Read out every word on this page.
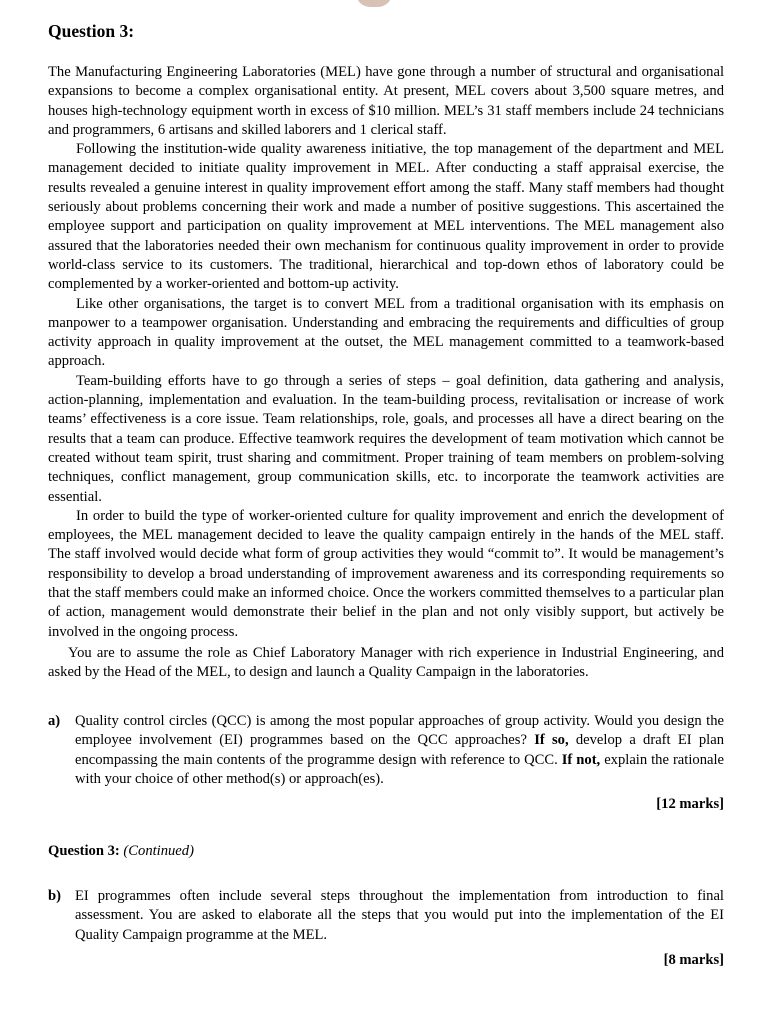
Question 3:

The Manufacturing Engineering Laboratories (MEL) have gone through a number of structural and organisational expansions to become a complex organisational entity. At present, MEL covers about 3,500 square metres, and houses high-technology equipment worth in excess of $10 million. MEL’s 31 staff members include 24 technicians and programmers, 6 artisans and skilled laborers and 1 clerical staff.

Following the institution-wide quality awareness initiative, the top management of the department and MEL management decided to initiate quality improvement in MEL. After conducting a staff appraisal exercise, the results revealed a genuine interest in quality improvement effort among the staff. Many staff members had thought seriously about problems concerning their work and made a number of positive suggestions. This ascertained the employee support and participation on quality improvement at MEL interventions. The MEL management also assured that the laboratories needed their own mechanism for continuous quality improvement in order to provide world-class service to its customers. The traditional, hierarchical and top-down ethos of laboratory could be complemented by a worker-oriented and bottom-up activity.

Like other organisations, the target is to convert MEL from a traditional organisation with its emphasis on manpower to a teampower organisation. Understanding and embracing the requirements and difficulties of group activity approach in quality improvement at the outset, the MEL management committed to a teamwork-based approach.

Team-building efforts have to go through a series of steps – goal definition, data gathering and analysis, action-planning, implementation and evaluation. In the team-building process, revitalisation or increase of work teams’ effectiveness is a core issue. Team relationships, role, goals, and processes all have a direct bearing on the results that a team can produce. Effective teamwork requires the development of team motivation which cannot be created without team spirit, trust sharing and commitment. Proper training of team members on problem-solving techniques, conflict management, group communication skills, etc. to incorporate the teamwork activities are essential.

In order to build the type of worker-oriented culture for quality improvement and enrich the development of employees, the MEL management decided to leave the quality campaign entirely in the hands of the MEL staff. The staff involved would decide what form of group activities they would “commit to”. It would be management’s responsibility to develop a broad understanding of improvement awareness and its corresponding requirements so that the staff members could make an informed choice. Once the workers committed themselves to a particular plan of action, management would demonstrate their belief in the plan and not only visibly support, but actively be involved in the ongoing process.

You are to assume the role as Chief Laboratory Manager with rich experience in Industrial Engineering, and asked by the Head of the MEL, to design and launch a Quality Campaign in the laboratories.

a)	Quality control circles (QCC) is among the most popular approaches of group activity. Would you design the employee involvement (EI) programmes based on the QCC approaches? If so, develop a draft EI plan encompassing the main contents of the programme design with reference to QCC. If not, explain the rationale with your choice of other method(s) or approach(es).
[12 marks]
Question 3: (Continued)
b) EI programmes often include several steps throughout the implementation from introduction to final assessment. You are asked to elaborate all the steps that you would put into the implementation of the EI Quality Campaign programme at the MEL.
[8 marks]
